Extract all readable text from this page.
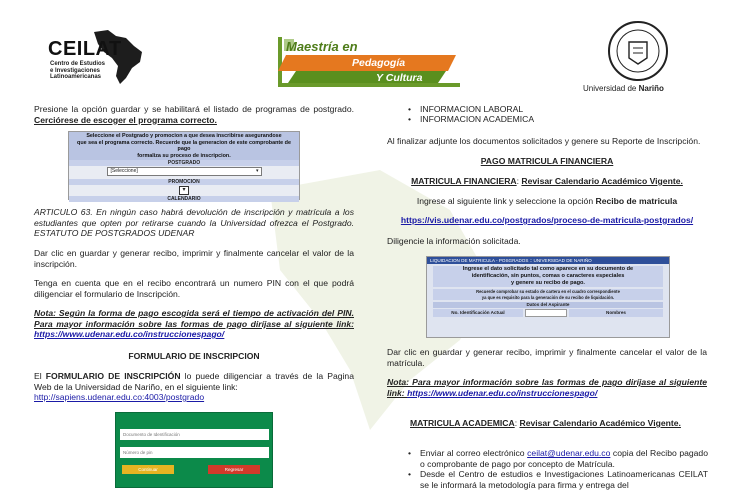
CEILAT
Centro de Estudios
e Investigaciones
Latinoamericanas
Maestría en
Pedagogía
Y Cultura
Universidad de Nariño
Presione la opción guardar y se habilitará el listado de programas de postgrado. Cerciórese de escoger el programa correcto.
Seleccione el Postgrado y promocion a que desea inscribirse asegurandose
que sea el programa correcto. Recuerde que la generacion de este comprobante de
pago
formaliza su proceso de inscripcion.
POSTGRADO
[Seleccione]	▾
PROMOCION
▾
CALENDARIO
ARTICULO 63. En ningún caso habrá devolución de inscripción y matrícula a los estudiantes que opten por retirarse cuando la Universidad ofrezca el Postgrado. ESTATUTO DE POSTGRADOS UDENAR
Dar clic en guardar y generar recibo, imprimir y finalmente cancelar el valor de la inscripción.
Tenga en cuenta que en el recibo encontrará un numero PIN con el que podrá diligenciar el formulario de Inscripción.
Nota: Según la forma de pago escogida será el tiempo de activación del PIN. Para mayor información sobre las formas de pago diríjase al siguiente link: https://www.udenar.edu.co/instruccionespago/
FORMULARIO DE INSCRIPCION
El FORMULARIO DE INSCRIPCIÓN lo puede diligenciar a través de la Pagina Web de la Universidad de Nariño, en el siguiente link:
http://sapiens.udenar.edu.co:4003/postgrado
Documento de Identificación
Número de pin
Continuar	Regresar
• INFORMACION LABORAL
• INFORMACION ACADEMICA
Al finalizar adjunte los documentos solicitados y genere su Reporte de Inscripción.
PAGO MATRICULA FINANCIERA
MATRICULA FINANCIERA: Revisar Calendario Académico Vigente.
Ingrese al siguiente link y seleccione la opción Recibo de matricula
https://vis.udenar.edu.co/postgrados/proceso-de-matricula-postgrados/
Diligencie la información solicitada.
LIQUIDACION DE MATRICULA - POSGRADOS :: UNIVERSIDAD DE NARIÑO
Ingrese el dato solicitado tal como aparece en su documento de
identificación, sin puntos, comas o caracteres especiales
y genere su recibo de pago.
Recuerde comprobar su estado de cartera en el cuadro correspondiente
ya que es requisito para la generación de su recibo de liquidación.
Datos del Aspirante
No. Identificación Actual	Nombres
Dar clic en guardar y generar recibo, imprimir y finalmente cancelar el valor de la matrícula.
Nota: Para mayor información sobre las formas de pago diríjase al siguiente link: https://www.udenar.edu.co/instruccionespago/
MATRICULA ACADEMICA: Revisar Calendario Académico Vigente.
• Enviar al correo electrónico ceilat@udenar.edu.co copia del Recibo pagado o comprobante de pago por concepto de Matrícula.
• Desde el Centro de estudios e Investigaciones Latinoamericanas CEILAT se le informará la metodología para firma y entrega del
